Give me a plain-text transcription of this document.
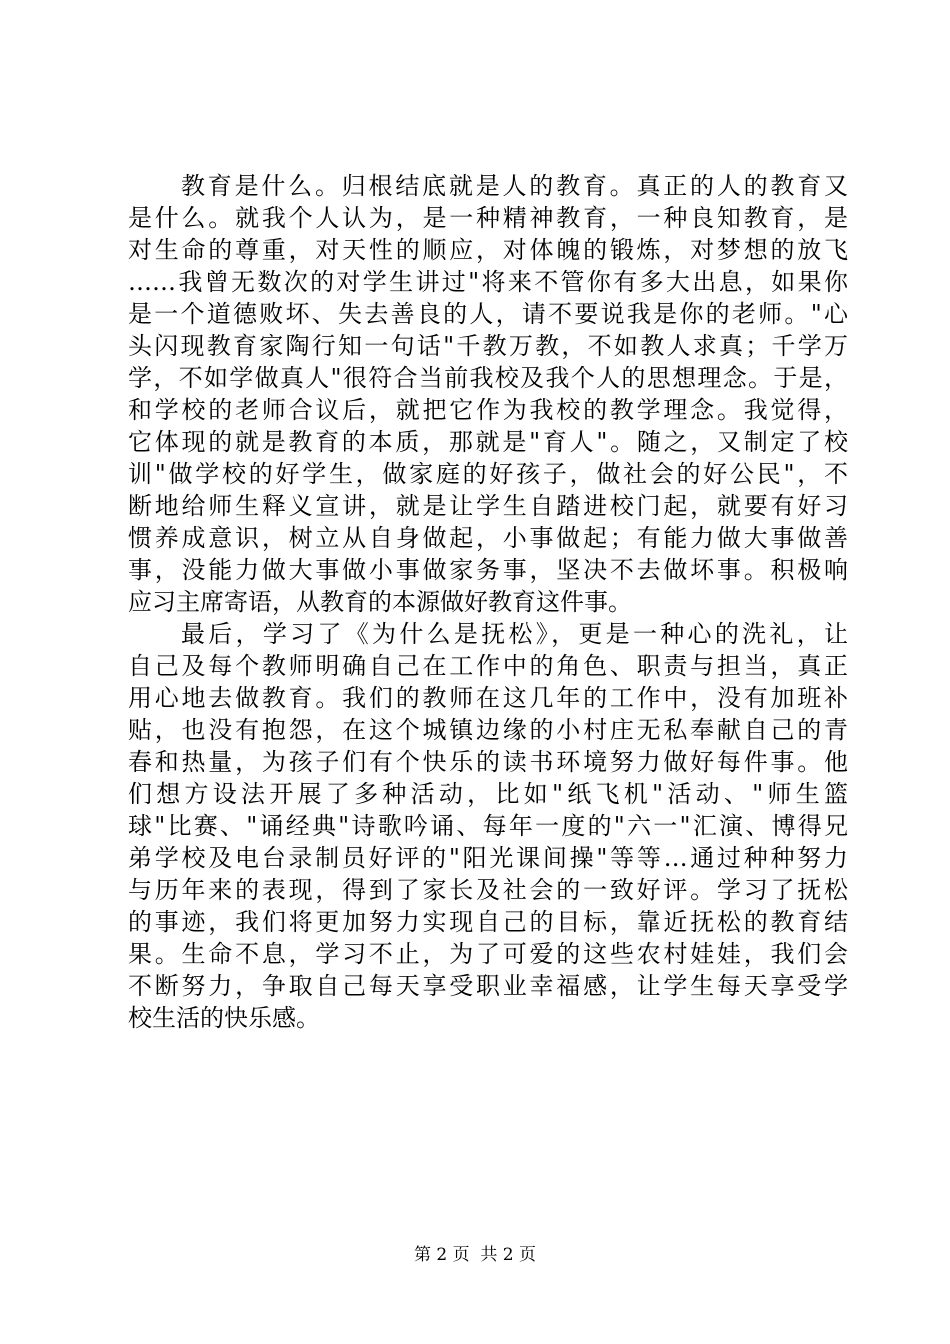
教育是什么。归根结底就是人的教育。真正的人的教育又
是什么。就我个人认为，是一种精神教育，一种良知教育，是
对生命的尊重，对天性的顺应，对体魄的锻炼，对梦想的放飞
……我曾无数次的对学生讲过"将来不管你有多大出息，如果你
是一个道德败坏、失去善良的人，请不要说我是你的老师。"心
头闪现教育家陶行知一句话"千教万教，不如教人求真；千学万
学，不如学做真人"很符合当前我校及我个人的思想理念。于是，
和学校的老师合议后，就把它作为我校的教学理念。我觉得，
它体现的就是教育的本质，那就是"育人"。随之，又制定了校
训"做学校的好学生，做家庭的好孩子，做社会的好公民"，不
断地给师生释义宣讲，就是让学生自踏进校门起，就要有好习
惯养成意识，树立从自身做起，小事做起；有能力做大事做善
事，没能力做大事做小事做家务事，坚决不去做坏事。积极响
应习主席寄语，从教育的本源做好教育这件事。
最后，学习了《为什么是抚松》，更是一种心的洗礼，让
自己及每个教师明确自己在工作中的角色、职责与担当，真正
用心地去做教育。我们的教师在这几年的工作中，没有加班补
贴，也没有抱怨，在这个城镇边缘的小村庄无私奉献自己的青
春和热量，为孩子们有个快乐的读书环境努力做好每件事。他
们想方设法开展了多种活动，比如"纸飞机"活动、"师生篮
球"比赛、"诵经典"诗歌吟诵、每年一度的"六一"汇演、博得兄
弟学校及电台录制员好评的"阳光课间操"等等…通过种种努力
与历年来的表现，得到了家长及社会的一致好评。学习了抚松
的事迹，我们将更加努力实现自己的目标，靠近抚松的教育结
果。生命不息，学习不止，为了可爱的这些农村娃娃，我们会
不断努力，争取自己每天享受职业幸福感，让学生每天享受学
校生活的快乐感。
第 2 页  共 2 页
